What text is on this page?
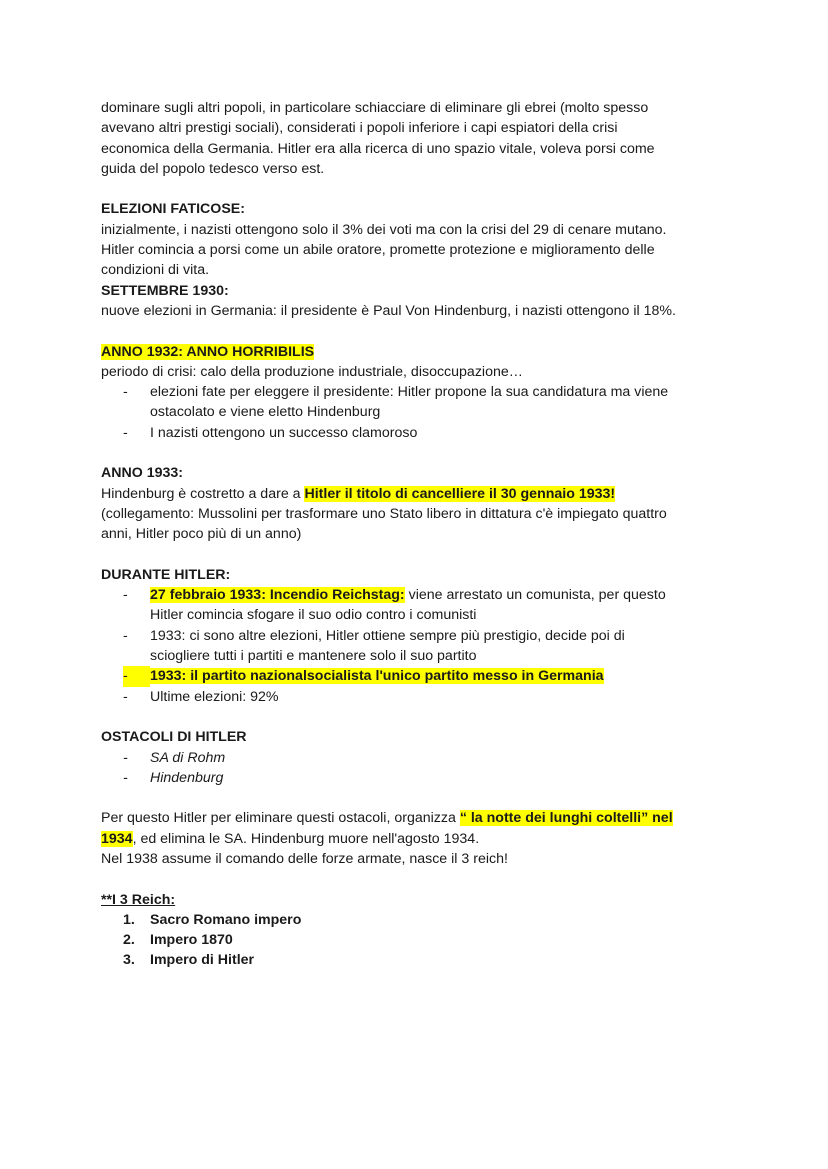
dominare sugli altri popoli, in particolare schiacciare di eliminare gli ebrei (molto spesso

avevano altri prestigi sociali), considerati i popoli inferiore i capi espiatori della crisi

economica della Germania. Hitler era alla ricerca di uno spazio vitale, voleva porsi come

guida del popolo tedesco verso est.

ELEZIONI FATICOSE:

inizialmente, i nazisti ottengono solo il 3% dei voti ma con la crisi del 29 di cenare mutano.

Hitler comincia a porsi come un abile oratore, promette protezione e miglioramento delle

condizioni di vita.

SETTEMBRE 1930:

nuove elezioni in Germania: il presidente è Paul Von Hindenburg, i nazisti ottengono il 18%.

ANNO 1932: ANNO HORRIBILIS

periodo di crisi: calo della produzione industriale, disoccupazione…

- elezioni fate per eleggere il presidente: Hitler propone la sua candidatura ma viene
ostacolato e viene eletto Hindenburg
- I nazisti ottengono un successo clamoroso

ANNO 1933:

Hindenburg è costretto a dare a Hitler il titolo di cancelliere il 30 gennaio 1933!

(collegamento: Mussolini per trasformare uno Stato libero in dittatura c'è impiegato quattro

anni, Hitler poco più di un anno)

DURANTE HITLER:

- 27 febbraio 1933: Incendio Reichstag: viene arrestato un comunista, per questo
Hitler comincia sfogare il suo odio contro i comunisti
- 1933: ci sono altre elezioni, Hitler ottiene sempre più prestigio, decide poi di
sciogliere tutti i partiti e mantenere solo il suo partito
- 1933: il partito nazionalsocialista l'unico partito messo in Germania
- Ultime elezioni: 92%

OSTACOLI DI HITLER

- SA di Rohm
- Hindenburg

Per questo Hitler per eliminare questi ostacoli, organizza “ la notte dei lunghi coltelli” nel

1934, ed elimina le SA. Hindenburg muore nell'agosto 1934.

Nel 1938 assume il comando delle forze armate, nasce il 3 reich!

**I 3 Reich:

1. Sacro Romano impero
2. Impero 1870
3. Impero di Hitler
